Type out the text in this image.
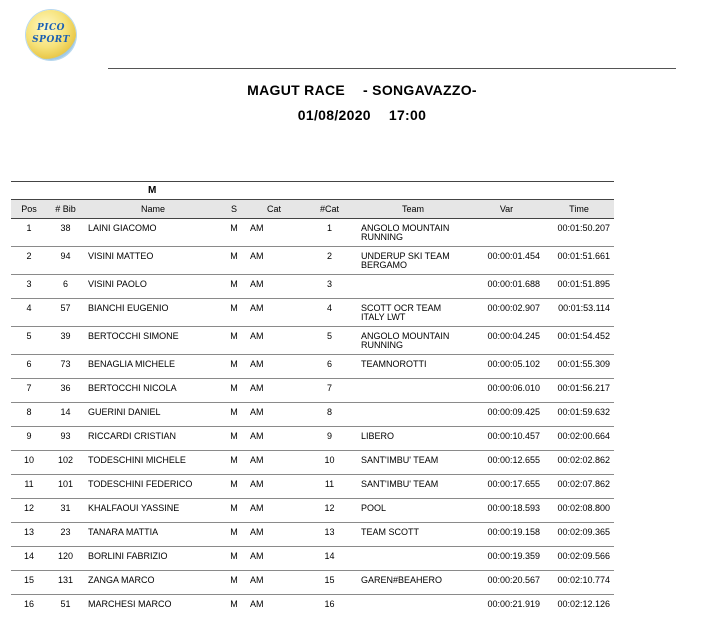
PICO
SPORT
MAGUT RACE - SONGAVAZZO-
01/08/2020 17:00
M								
Pos	# Bib	Name	S	Cat	#Cat	Team	Var	Time
1	38	LAINI GIACOMO	M	AM	1	ANGOLO MOUNTAIN RUNNING		00:01:50.207
2	94	VISINI MATTEO	M	AM	2	UNDERUP SKI TEAM BERGAMO	00:00:01.454	00:01:51.661
3	6	VISINI PAOLO	M	AM	3		00:00:01.688	00:01:51.895
4	57	BIANCHI EUGENIO	M	AM	4	SCOTT OCR TEAM ITALY LWT	00:00:02.907	00:01:53.114
5	39	BERTOCCHI SIMONE	M	AM	5	ANGOLO MOUNTAIN RUNNING	00:00:04.245	00:01:54.452
6	73	BENAGLIA MICHELE	M	AM	6	TEAMNOROTTI	00:00:05.102	00:01:55.309
7	36	BERTOCCHI NICOLA	M	AM	7		00:00:06.010	00:01:56.217
8	14	GUERINI DANIEL	M	AM	8		00:00:09.425	00:01:59.632
9	93	RICCARDI CRISTIAN	M	AM	9	LIBERO	00:00:10.457	00:02:00.664
10	102	TODESCHINI MICHELE	M	AM	10	SANT'IMBU' TEAM	00:00:12.655	00:02:02.862
11	101	TODESCHINI FEDERICO	M	AM	11	SANT'IMBU' TEAM	00:00:17.655	00:02:07.862
12	31	KHALFAOUI YASSINE	M	AM	12	POOL	00:00:18.593	00:02:08.800
13	23	TANARA MATTIA	M	AM	13	TEAM SCOTT	00:00:19.158	00:02:09.365
14	120	BORLINI FABRIZIO	M	AM	14		00:00:19.359	00:02:09.566
15	131	ZANGA MARCO	M	AM	15	GAREN#BEAHERO	00:00:20.567	00:02:10.774
16	51	MARCHESI MARCO	M	AM	16		00:00:21.919	00:02:12.126
